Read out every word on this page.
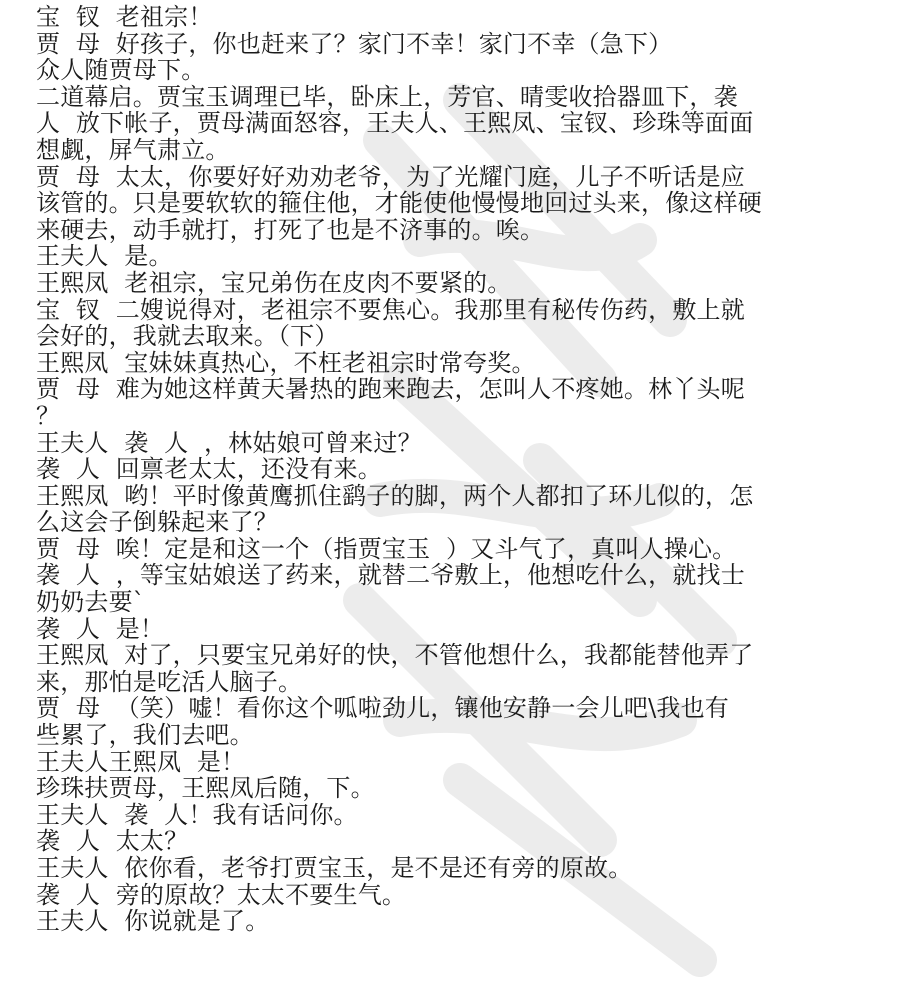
宝  钗  老祖宗！
贾  母  好孩子，你也赶来了？家门不幸！家门不幸（急下）
众人随贾母下。
二道幕启。贾宝玉调理已毕，卧床上，芳官、晴雯收拾器皿下，袭
人  放下帐子，贾母满面怒容，王夫人、王熙凤、宝钗、珍珠等面面
想觑，屏气肃立。
贾  母  太太，你要好好劝劝老爷，为了光耀门庭，儿子不听话是应
该管的。只是要软软的箍住他，才能使他慢慢地回过头来，像这样硬
来硬去，动手就打，打死了也是不济事的。唉。
王夫人  是。
王熙凤  老祖宗，宝兄弟伤在皮肉不要紧的。
宝  钗  二嫂说得对，老祖宗不要焦心。我那里有秘传伤药，敷上就
会好的，我就去取来。（下）
王熙凤  宝妹妹真热心，不枉老祖宗时常夸奖。
贾  母  难为她这样黄天暑热的跑来跑去，怎叫人不疼她。林丫头呢
？
王夫人  袭  人  ，林姑娘可曾来过？
袭  人  回禀老太太，还没有来。
王熙凤  哟！平时像黄鹰抓住鹞子的脚，两个人都扣了环儿似的，怎
么这会子倒躲起来了？
贾  母  唉！定是和这一个（指贾宝玉  ）又斗气了，真叫人操心。
袭  人  ，等宝姑娘送了药来，就替二爷敷上，他想吃什么，就找士
奶奶去要`
袭  人  是！
王熙凤  对了，只要宝兄弟好的快，不管他想什么，我都能替他弄了
来，那怕是吃活人脑子。
贾  母  （笑）嘘！看你这个呱啦劲儿，镶他安静一会儿吧\我也有
些累了，我们去吧。
王夫人王熙凤  是！
珍珠扶贾母，王熙凤后随，下。
王夫人  袭  人！我有话问你。
袭  人  太太？
王夫人  依你看，老爷打贾宝玉，是不是还有旁的原故。
袭  人  旁的原故？太太不要生气。
王夫人  你说就是了。
